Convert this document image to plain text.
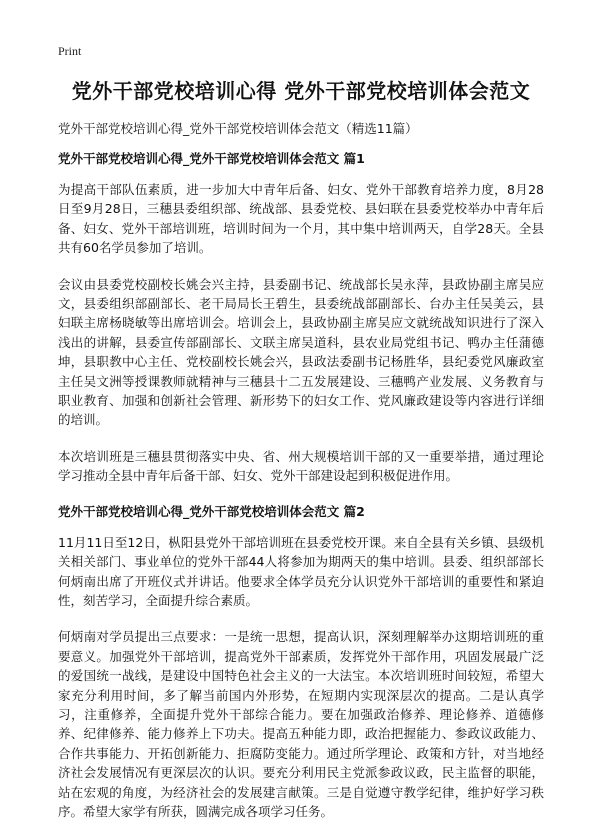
Print
党外干部党校培训心得 党外干部党校培训体会范文
党外干部党校培训心得_党外干部党校培训体会范文（精选11篇）
党外干部党校培训心得_党外干部党校培训体会范文 篇1

为提高干部队伍素质，进一步加大中青年后备、妇女、党外干部教育培养力度，8月28日至9月28日，三穗县委组织部、统战部、县委党校、县妇联在县委党校举办中青年后备、妇女、党外干部培训班，培训时间为一个月，其中集中培训两天，自学28天。全县共有60名学员参加了培训。

会议由县委党校副校长姚会兴主持，县委副书记、统战部长吴永萍，县政协副主席吴应文，县委组织部副部长、老干局局长王碧生，县委统战部副部长、台办主任吴美云，县妇联主席杨晓敏等出席培训会。培训会上，县政协副主席吴应文就统战知识进行了深入浅出的讲解，县委宣传部副部长、文联主席吴道科，县农业局党组书记、鸭办主任蒲德坤，县职教中心主任、党校副校长姚会兴，县政法委副书记杨胜华，县纪委党风廉政室主任吴文洲等授课教师就精神与三穗县十二五发展建设、三穗鸭产业发展、义务教育与职业教育、加强和创新社会管理、新形势下的妇女工作、党风廉政建设等内容进行详细的培训。

本次培训班是三穗县贯彻落实中央、省、州大规模培训干部的又一重要举措，通过理论学习推动全县中青年后备干部、妇女、党外干部建设起到积极促进作用。

党外干部党校培训心得_党外干部党校培训体会范文 篇2

11月11日至12日，枞阳县党外干部培训班在县委党校开课。来自全县有关乡镇、县级机关相关部门、事业单位的党外干部44人将参加为期两天的集中培训。县委、组织部部长何炳南出席了开班仪式并讲话。他要求全体学员充分认识党外干部培训的重要性和紧迫性，刻苦学习，全面提升综合素质。

何炳南对学员提出三点要求：一是统一思想，提高认识，深刻理解举办这期培训班的重要意义。加强党外干部培训，提高党外干部素质，发挥党外干部作用，巩固发展最广泛的爱国统一战线，是建设中国特色社会主义的一大法宝。本次培训班时间较短，希望大家充分利用时间，多了解当前国内外形势，在短期内实现深层次的提高。二是认真学习，注重修养，全面提升党外干部综合能力。要在加强政治修养、理论修养、道德修养、纪律修养、能力修养上下功夫。提高五种能力即，政治把握能力、参政议政能力、合作共事能力、开拓创新能力、拒腐防变能力。通过所学理论、政策和方针，对当地经济社会发展情况有更深层次的认识。要充分利用民主党派参政议政，民主监督的职能，站在宏观的角度，为经济社会的发展建言献策。三是自觉遵守教学纪律，维护好学习秩序。希望大家学有所获，圆满完成各项学习任务。
